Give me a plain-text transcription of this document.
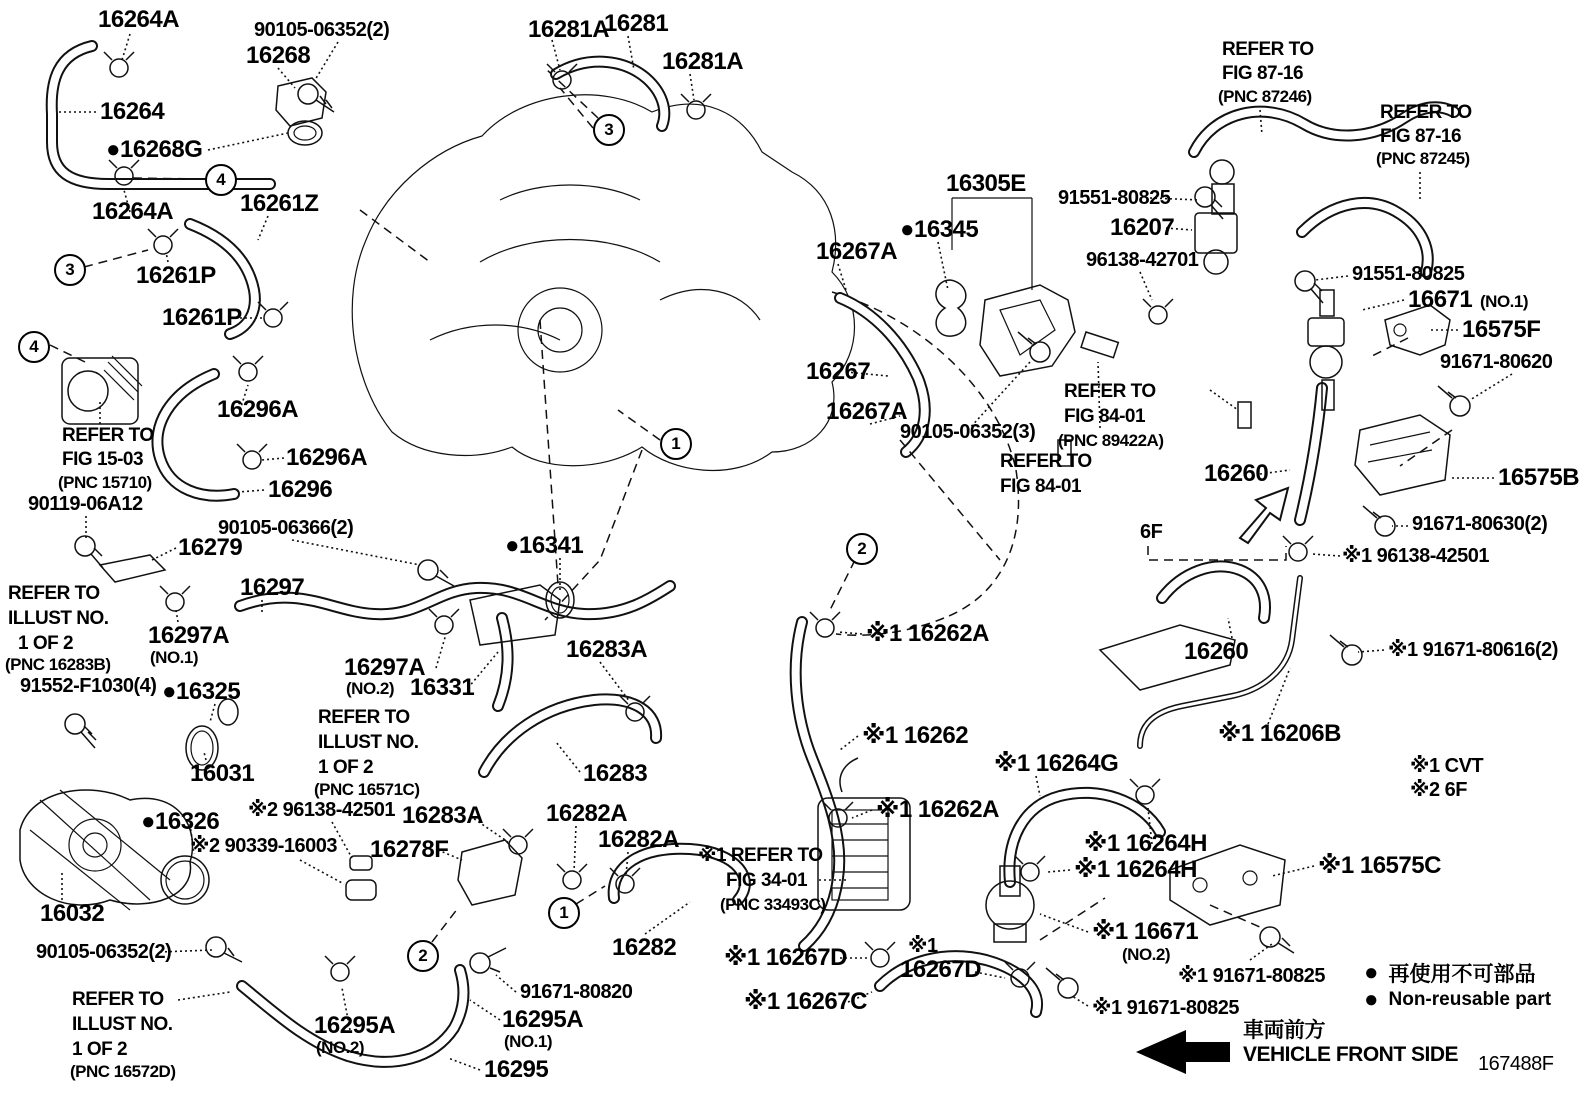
16264A	90105-06352(2)
16268
16264
●16268G
16264A	16261Z
16261P
16261P
16296A
REFER TO
FIG 15-03
(PNC 15710)
90119-06A12
16296A
16296
90105-06366(2)
16279
16297
REFER TO
ILLUST NO.
1 OF 2
(PNC 16283B)
16297A
(NO.1)
91552-F1030(4) ●16325
16297A
(NO.2)
16031
REFER TO
ILLUST NO.
1 OF 2
(PNC 16571C)
16331
16283A
16283
16283A	16282A
16282A
16278F
●16326 ※2 96138-42501
※2 90339-16003
16032
90105-06352(2)
REFER TO
ILLUST NO.
1 OF 2
(PNC 16572D)
16295A
(NO.2)
16282
91671-80820
16295A
(NO.1)
16295
16281A
16281
16281A
●16341
16267A
16305E
●16345
91551-80825
16207
96138-42701
16267
16267A
90105-06352(3)
REFER TO
FIG 84-01
(PNC 89422A)
REFER TO
FIG 84-01
REFER TO
FIG 87-16
(PNC 87246)
REFER TO
FIG 87-16
(PNC 87245)
91551-80825
16671 (NO.1)
16575F
91671-80620
16575B
91671-80630(2)
※1 96138-42501
6F
16260
16260	※1 91671-80616(2)
※1 16206B
※1 CVT
※2 6F
※1 16264G
※1 16264H
※1 16264H	※1 16575C
※1 16671
(NO.2)
※1 16262A
※1 16262
※1 16262A
※1 REFER TO
FIG 34-01
(PNC 33493C)
※1 16267D	※1
16267D
※1 16267C
※1 91671-80825
※1 91671-80825
4
3
4
3
1
2
1
2
● 再使用不可部品
● Non-reusable part
車両前方
VEHICLE FRONT SIDE 167488F
